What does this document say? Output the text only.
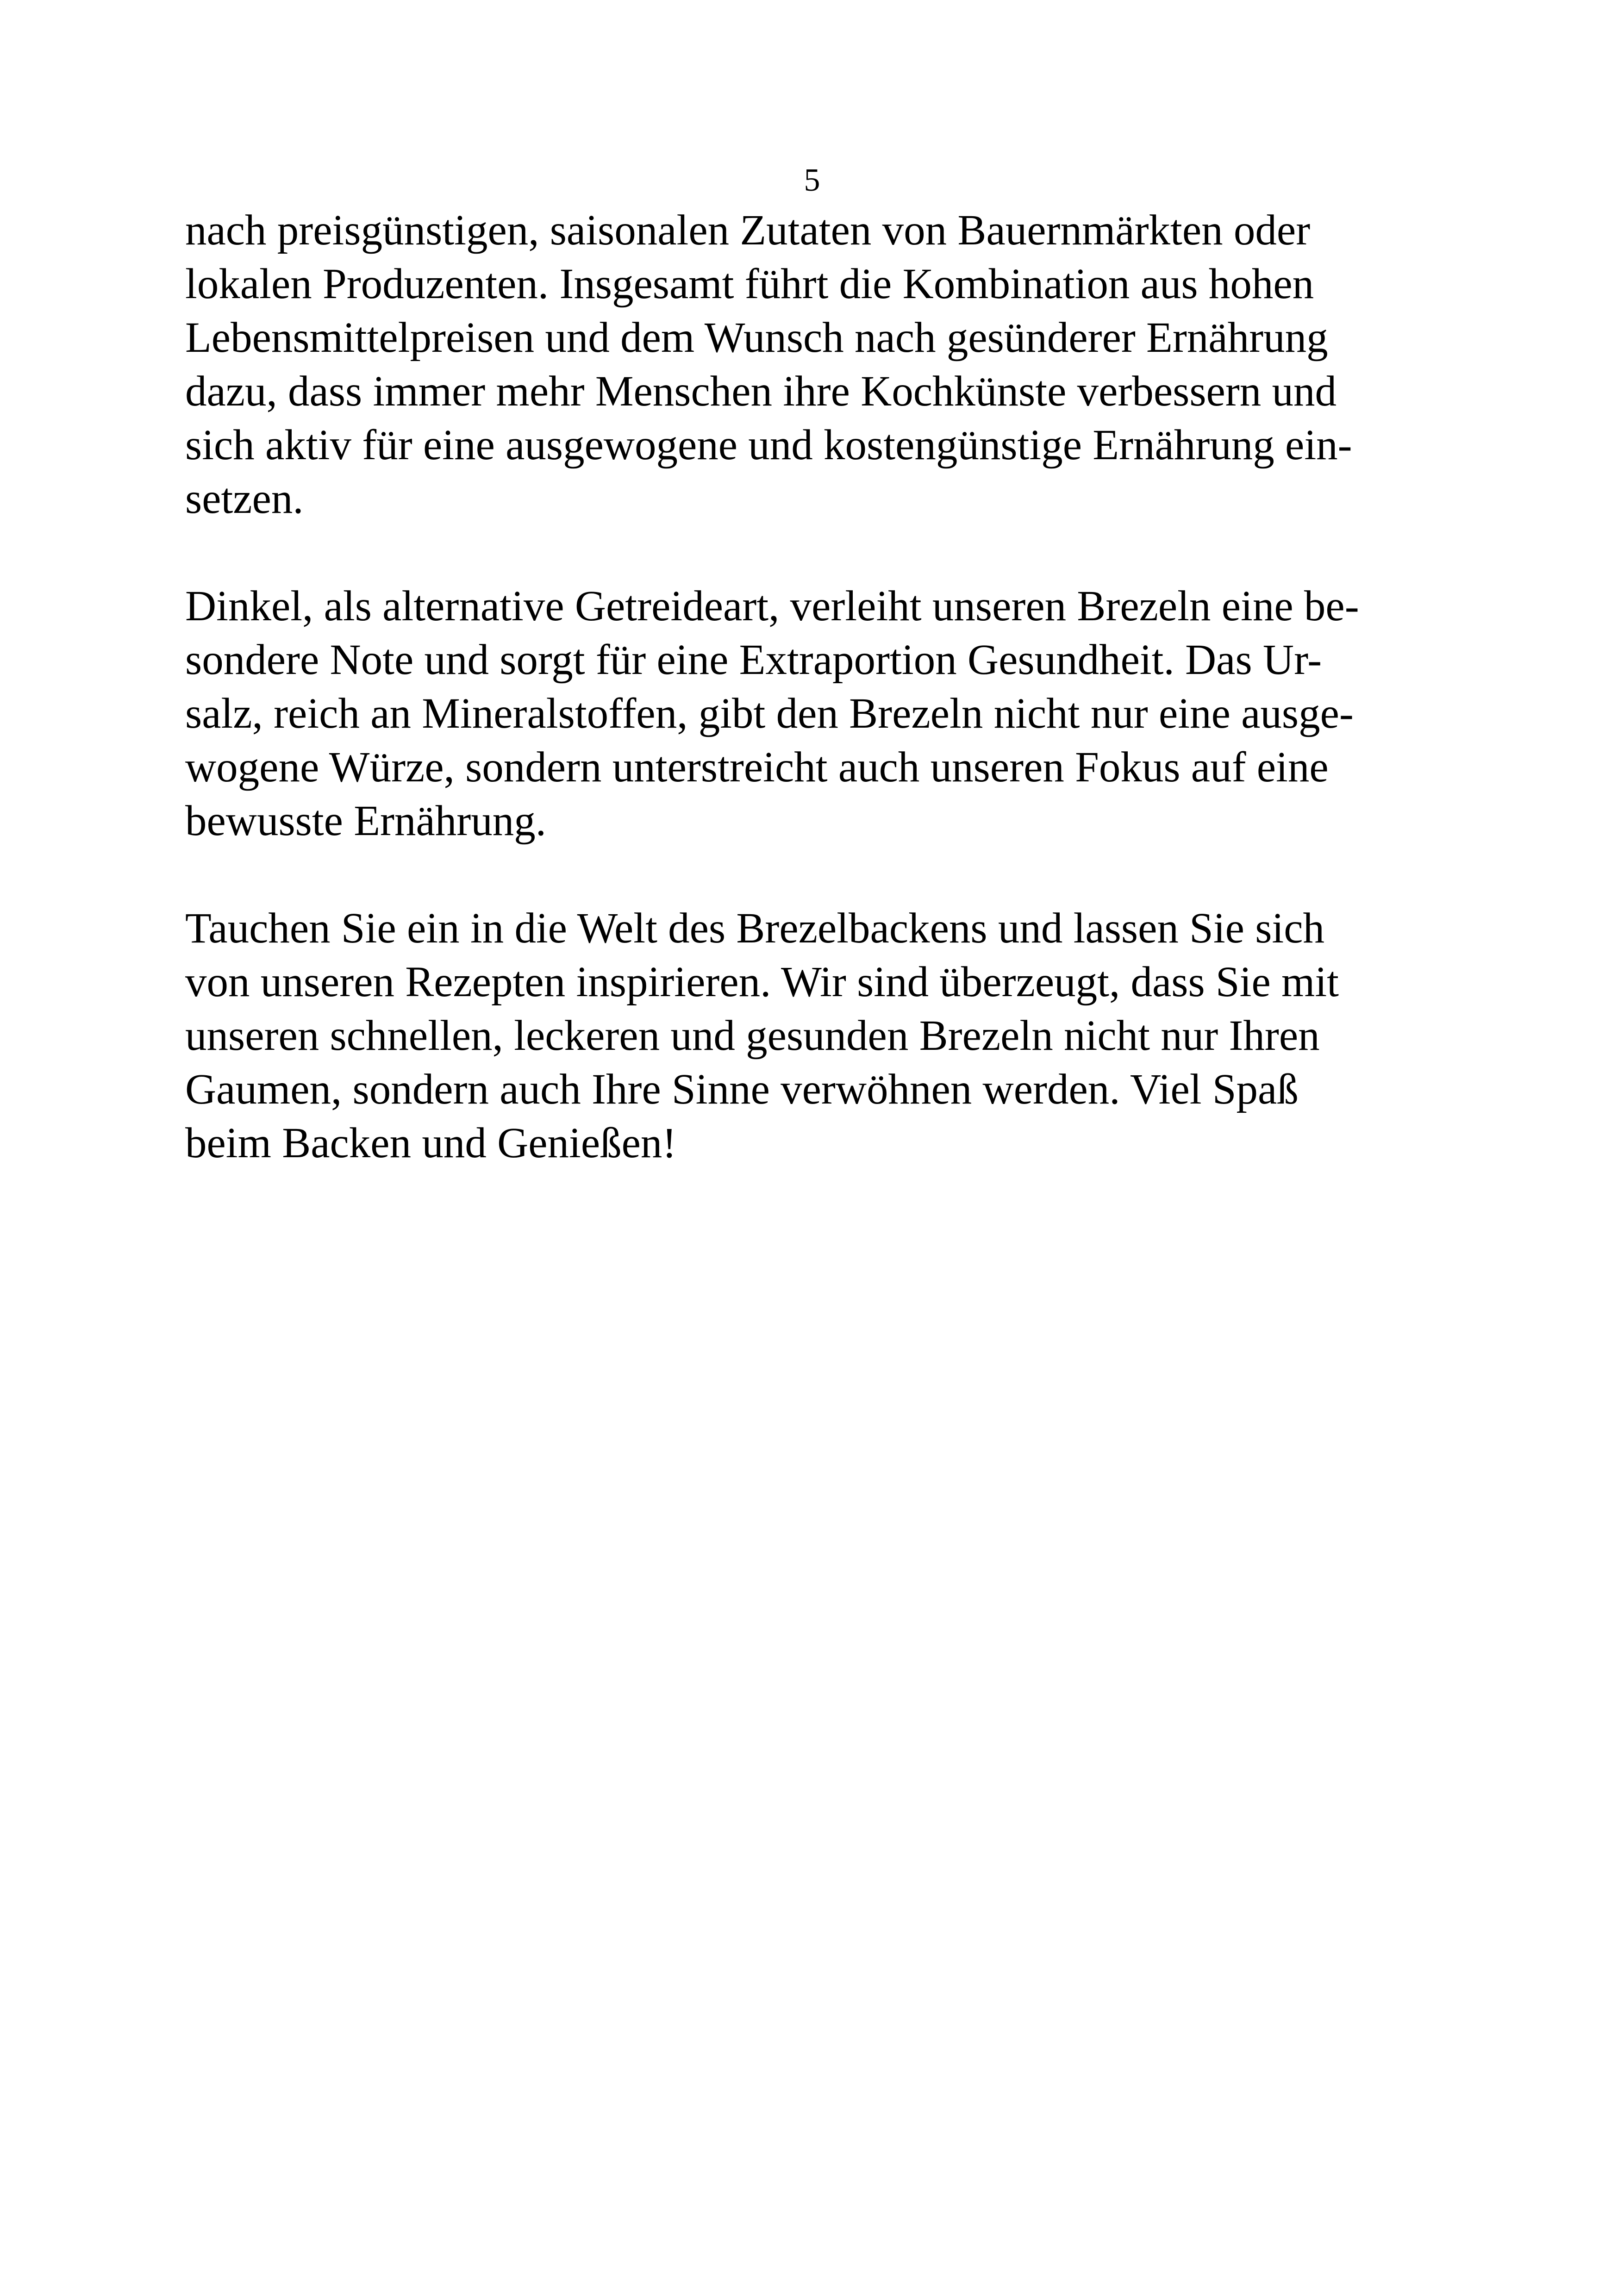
5

nach preisgünstigen, saisonalen Zutaten von Bauernmärkten oder
lokalen Produzenten. Insgesamt führt die Kombination aus hohen
Lebensmittelpreisen und dem Wunsch nach gesünderer Ernährung
dazu, dass immer mehr Menschen ihre Kochkünste verbessern und
sich aktiv für eine ausgewogene und kostengünstige Ernährung ein-
setzen.

Dinkel, als alternative Getreideart, verleiht unseren Brezeln eine be-
sondere Note und sorgt für eine Extraportion Gesundheit. Das Ur-
salz, reich an Mineralstoffen, gibt den Brezeln nicht nur eine ausge-
wogene Würze, sondern unterstreicht auch unseren Fokus auf eine
bewusste Ernährung.

Tauchen Sie ein in die Welt des Brezelbackens und lassen Sie sich
von unseren Rezepten inspirieren. Wir sind überzeugt, dass Sie mit
unseren schnellen, leckeren und gesunden Brezeln nicht nur Ihren
Gaumen, sondern auch Ihre Sinne verwöhnen werden. Viel Spaß
beim Backen und Genießen!
